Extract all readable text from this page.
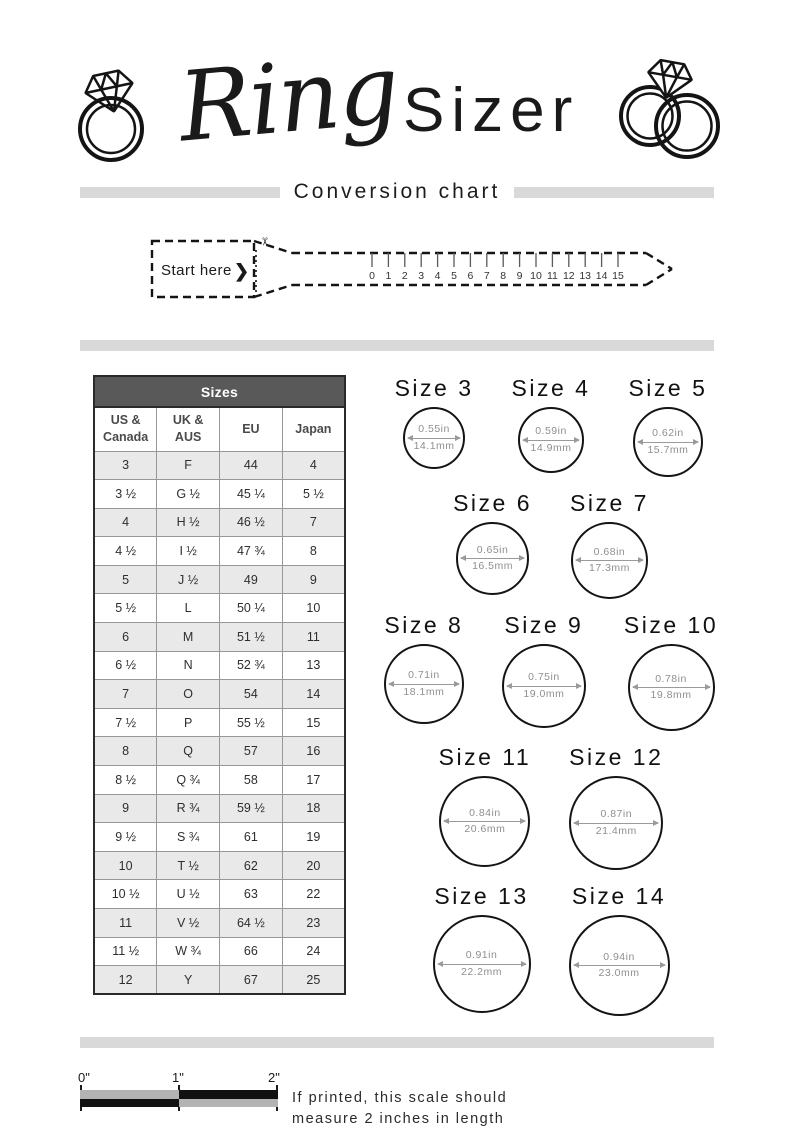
Ring Sizer
Conversion chart
Start here ❯
✂
0 1 2 3 4 5 6 7 8 9 10 11 12 13 14 15
Sizes			
US & Canada	UK & AUS	EU	Japan
3	F	44	4
3 ½	G ½	45 ¼	5 ½
4	H ½	46 ½	7
4 ½	I ½	47 ¾	8
5	J ½	49	9
5 ½	L	50 ¼	10
6	M	51 ½	11
6 ½	N	52 ¾	13
7	O	54	14
7 ½	P	55 ½	15
8	Q	57	16
8 ½	Q ¾	58	17
9	R ¾	59 ½	18
9 ½	S ¾	61	19
10	T ½	62	20
10 ½	U ½	63	22
11	V ½	64 ½	23
11 ½	W ¾	66	24
12	Y	67	25
Size 3
0.55in
14.1mm
Size 4
0.59in
14.9mm
Size 5
0.62in
15.7mm
Size 6
0.65in
16.5mm
Size 7
0.68in
17.3mm
Size 8
0.71in
18.1mm
Size 9
0.75in
19.0mm
Size 10
0.78in
19.8mm
Size 11
0.84in
20.6mm
Size 12
0.87in
21.4mm
Size 13
0.91in
22.2mm
Size 14
0.94in
23.0mm
0"	1"	2"
If printed, this scale should
measure 2 inches in length
